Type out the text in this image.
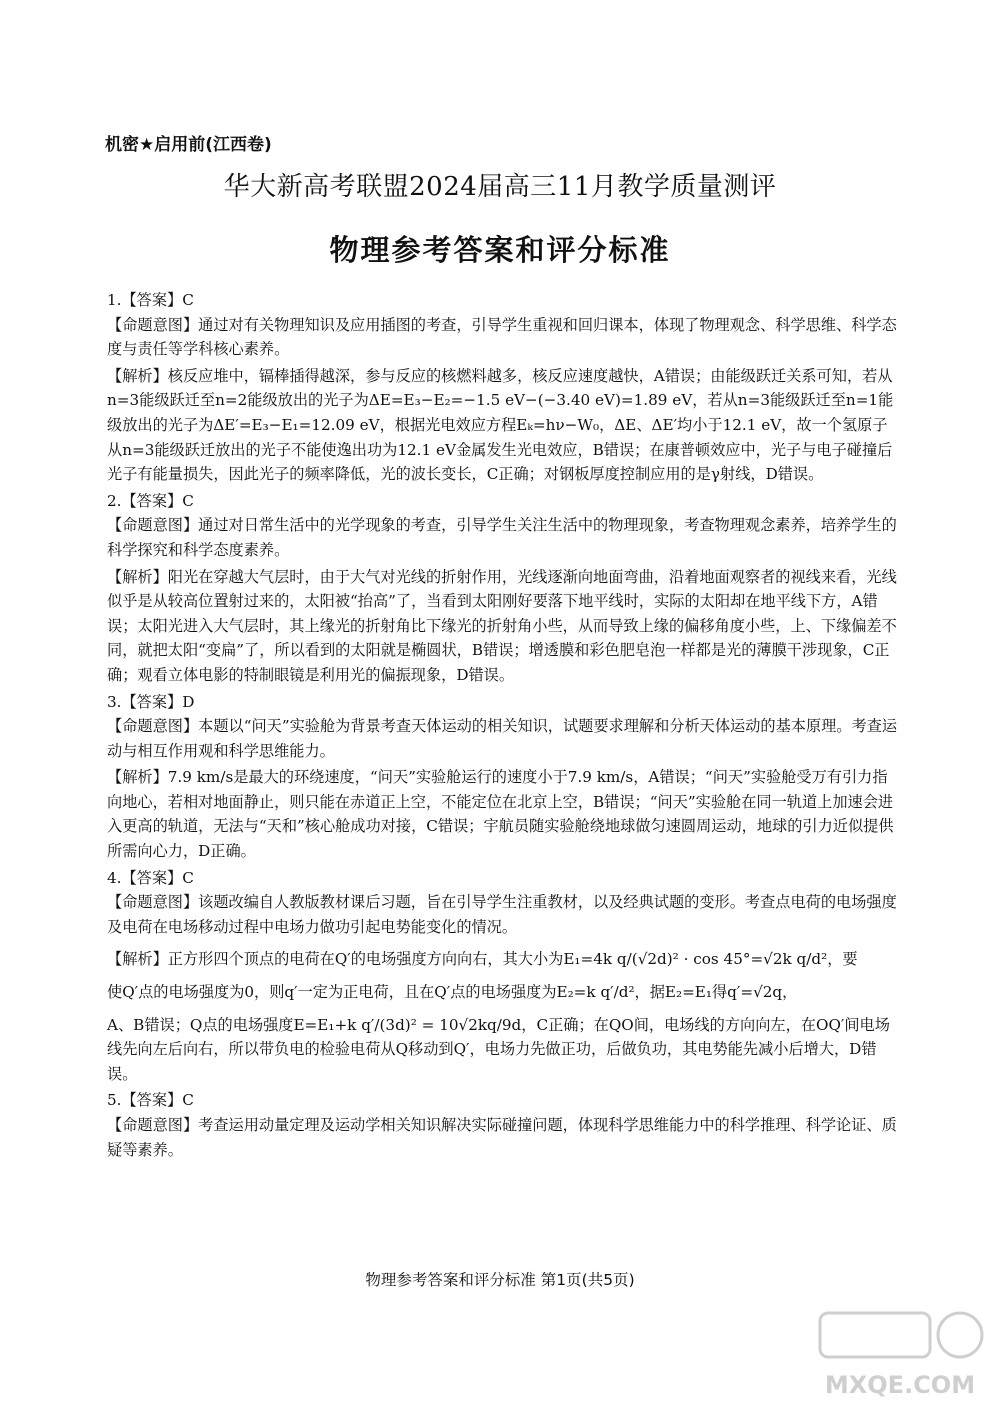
机密★启用前(江西卷)
华大新高考联盟2024届高三11月教学质量测评
物理参考答案和评分标准

1.【答案】C

【命题意图】通过对有关物理知识及应用插图的考查，引导学生重视和回归课本，体现了物理观念、科学思维、科学态度与责任等学科核心素养。

【解析】核反应堆中，镉棒插得越深，参与反应的核燃料越多，核反应速度越快，A错误；由能级跃迁关系可知，若从n=3能级跃迁至n=2能级放出的光子为ΔE=E₃−E₂=−1.5 eV−(−3.40 eV)=1.89 eV，若从n=3能级跃迁至n=1能级放出的光子为ΔE′=E₃−E₁=12.09 eV，根据光电效应方程Eₖ=hν−W₀，ΔE、ΔE′均小于12.1 eV，故一个氢原子从n=3能级跃迁放出的光子不能使逸出功为12.1 eV金属发生光电效应，B错误；在康普顿效应中，光子与电子碰撞后光子有能量损失，因此光子的频率降低，光的波长变长，C正确；对钢板厚度控制应用的是γ射线，D错误。

2.【答案】C

【命题意图】通过对日常生活中的光学现象的考查，引导学生关注生活中的物理现象，考查物理观念素养，培养学生的科学探究和科学态度素养。

【解析】阳光在穿越大气层时，由于大气对光线的折射作用，光线逐渐向地面弯曲，沿着地面观察者的视线来看，光线似乎是从较高位置射过来的，太阳被“抬高”了，当看到太阳刚好要落下地平线时，实际的太阳却在地平线下方，A错误；太阳光进入大气层时，其上缘光的折射角比下缘光的折射角小些，从而导致上缘的偏移角度小些，上、下缘偏差不同，就把太阳“变扁”了，所以看到的太阳就是椭圆状，B错误；增透膜和彩色肥皂泡一样都是光的薄膜干涉现象，C正确；观看立体电影的特制眼镜是利用光的偏振现象，D错误。

3.【答案】D

【命题意图】本题以“问天”实验舱为背景考查天体运动的相关知识，试题要求理解和分析天体运动的基本原理。考查运动与相互作用观和科学思维能力。

【解析】7.9 km/s是最大的环绕速度，“问天”实验舱运行的速度小于7.9 km/s，A错误；“问天”实验舱受万有引力指向地心，若相对地面静止，则只能在赤道正上空，不能定位在北京上空，B错误；“问天”实验舱在同一轨道上加速会进入更高的轨道，无法与“天和”核心舱成功对接，C错误；宇航员随实验舱绕地球做匀速圆周运动，地球的引力近似提供所需向心力，D正确。

4.【答案】C

【命题意图】该题改编自人教版教材课后习题，旨在引导学生注重教材，以及经典试题的变形。考查点电荷的电场强度及电荷在电场移动过程中电场力做功引起电势能变化的情况。

【解析】正方形四个顶点的电荷在Q′的电场强度方向向右，其大小为E₁=4k q/(√2d)² · cos 45°=√2k q/d²，要

使Q′点的电场强度为0，则q′一定为正电荷，且在Q′点的电场强度为E₂=k q′/d²，据E₂=E₁得q′=√2q，

A、B错误；Q点的电场强度E=E₁+k q′/(3d)² = 10√2kq/9d，C正确；在QO间，电场线的方向向左，在OQ′间电场线先向左后向右，所以带负电的检验电荷从Q移动到Q′，电场力先做正功，后做负功，其电势能先减小后增大，D错误。

5.【答案】C

【命题意图】考查运用动量定理及运动学相关知识解决实际碰撞问题，体现科学思维能力中的科学推理、科学论证、质疑等素养。

物理参考答案和评分标准 第1页(共5页)
MXQE.COM
